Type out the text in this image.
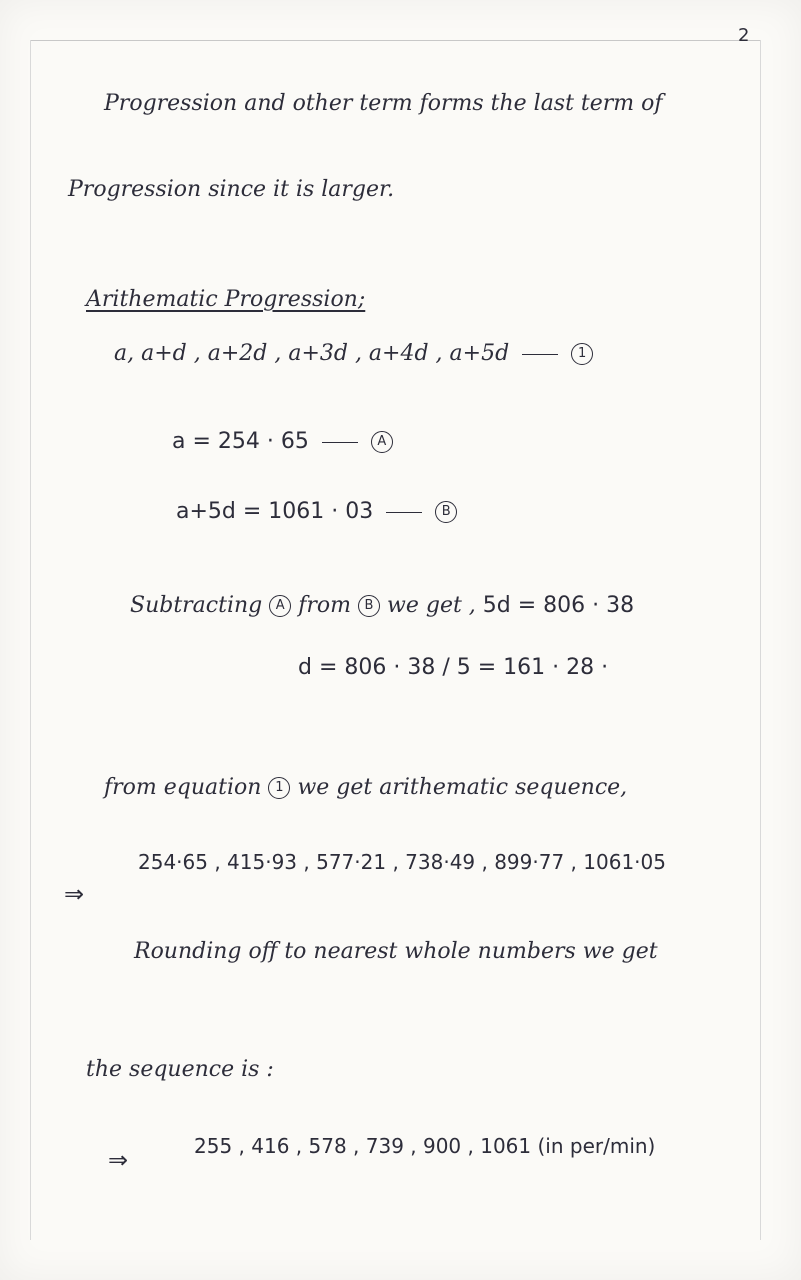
2
Progression and other term forms the last term of
Progression since it is larger.
Arithematic Progression;
a, a+d , a+2d , a+3d , a+4d , a+5d	1
a = 254 · 65	A
a+5d = 1061 · 03	B
Subtracting A from B we get , 5d = 806 · 38
d = 806 · 38 / 5 = 161 · 28 ·
from equation 1 we get arithematic sequence,
⇒
254·65 , 415·93 , 577·21 , 738·49 , 899·77 , 1061·05
Rounding off to nearest whole numbers we get
the sequence is :
⇒	255 , 416 , 578 , 739 , 900 , 1061 (in per/min)
